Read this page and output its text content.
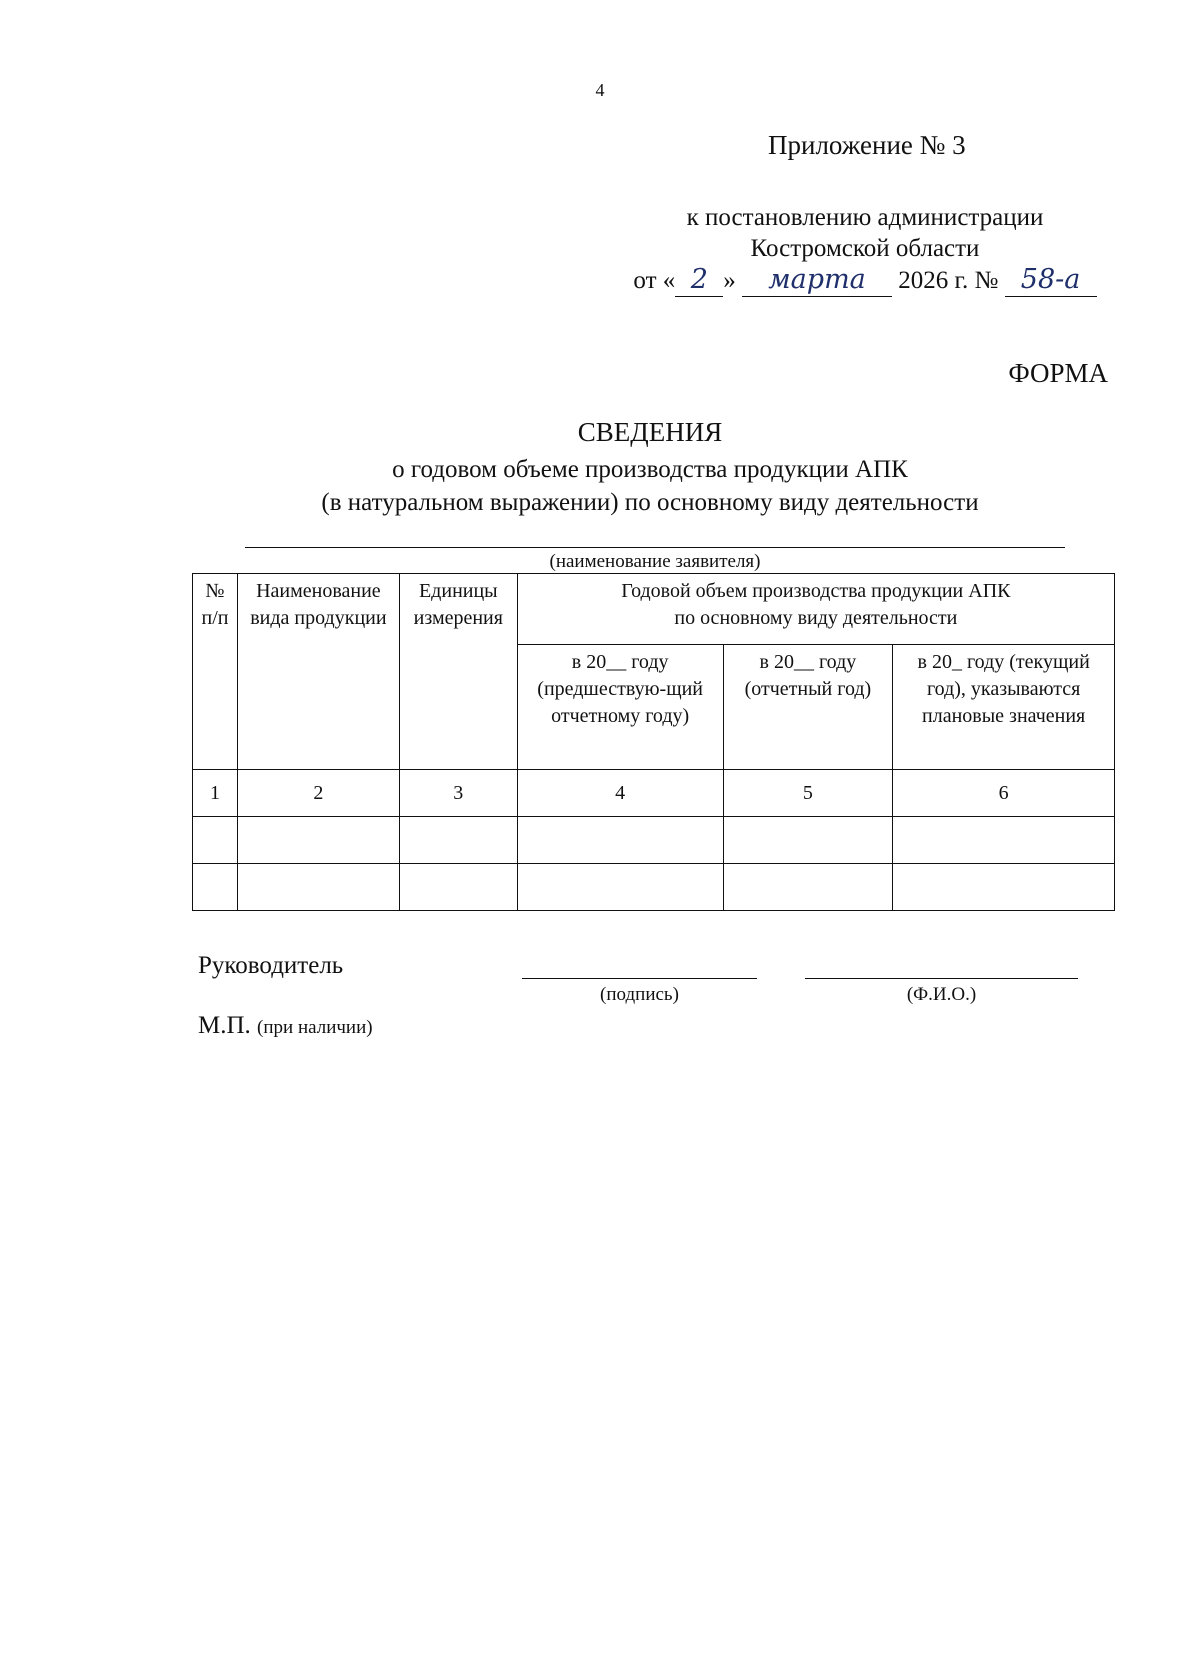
4
Приложение № 3
к постановлению администрации
Костромской области
от « 2 » марта 2026 г. № 58-а
ФОРМА
СВЕДЕНИЯ
о годовом объеме производства продукции АПК
(в натуральном выражении) по основному виду деятельности
(наименование заявителя)
№ п/п	Наименование вида продукции	Единицы измерения	Годовой объем производства продукции АПК
по основному виду деятельности		

			в 20__ году (предшествую-щий отчетному году)	в 20__ году (отчетный год)	в 20_ году (текущий год), указываются плановые значения
1	2	3	4	5	6

Руководитель
(подпись)	(Ф.И.О.)
М.П. (при наличии)
